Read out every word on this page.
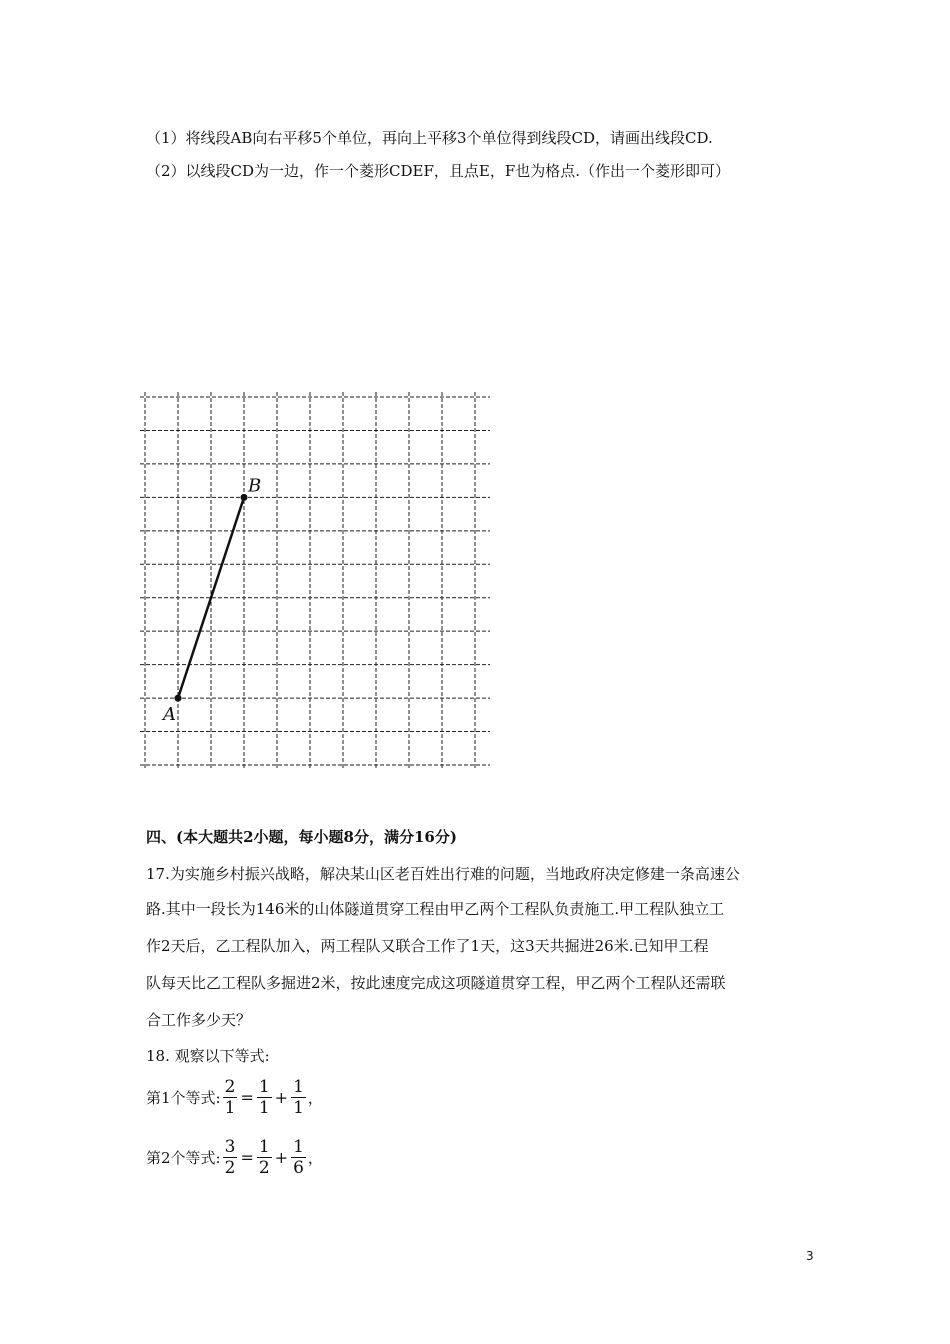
（1）将线段AB向右平移5个单位，再向上平移3个单位得到线段CD，请画出线段CD.
（2）以线段CD为一边，作一个菱形CDEF，且点E，F也为格点.（作出一个菱形即可）
A
B
四、(本大题共2小题，每小题8分，满分16分)
17.为实施乡村振兴战略，解决某山区老百姓出行难的问题，当地政府决定修建一条高速公
路.其中一段长为146米的山体隧道贯穿工程由甲乙两个工程队负责施工.甲工程队独立工
作2天后，乙工程队加入，两工程队又联合工作了1天，这3天共掘进26米.已知甲工程
队每天比乙工程队多掘进2米，按此速度完成这项隧道贯穿工程，甲乙两个工程队还需联
合工作多少天？
18. 观察以下等式:
第1个等式: $\frac{2}{1} = \frac{1}{1} + \frac{1}{1}$ ，
第2个等式: $\frac{3}{2} = \frac{1}{2} + \frac{1}{6}$ ，
3
